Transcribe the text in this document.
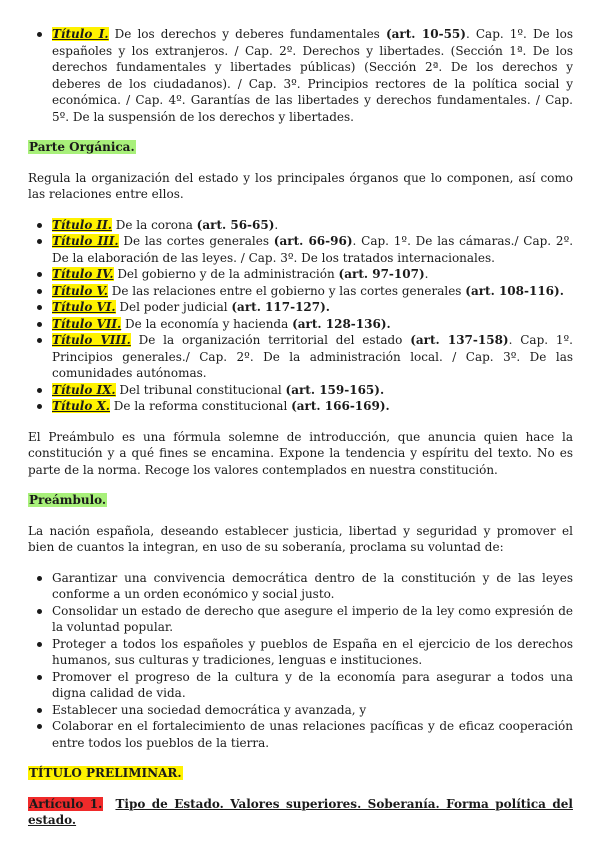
Título I. De los derechos y deberes fundamentales (art. 10-55). Cap. 1º. De los españoles y los extranjeros. / Cap. 2º. Derechos y libertades. (Sección 1ª. De los derechos fundamentales y libertades públicas) (Sección 2ª. De los derechos y deberes de los ciudadanos). / Cap. 3º. Principios rectores de la política social y económica. / Cap. 4º. Garantías de las libertades y derechos fundamentales. / Cap. 5º. De la suspensión de los derechos y libertades.

Parte Orgánica.

Regula la organización del estado y los principales órganos que lo componen, así como las relaciones entre ellos.

Título II. De la corona (art. 56-65).
Título III. De las cortes generales (art. 66-96). Cap. 1º. De las cámaras./ Cap. 2º. De la elaboración de las leyes. / Cap. 3º. De los tratados internacionales.
Título IV. Del gobierno y de la administración (art. 97-107).
Título V. De las relaciones entre el gobierno y las cortes generales (art. 108-116).
Título VI. Del poder judicial (art. 117-127).
Título VII. De la economía y hacienda (art. 128-136).
Título VIII. De la organización territorial del estado (art. 137-158). Cap. 1º. Principios generales./ Cap. 2º. De la administración local. / Cap. 3º. De las comunidades autónomas.
Título IX. Del tribunal constitucional (art. 159-165).
Título X. De la reforma constitucional (art. 166-169).

El Preámbulo es una fórmula solemne de introducción, que anuncia quien hace la constitución y a qué fines se encamina. Expone la tendencia y espíritu del texto. No es parte de la norma. Recoge los valores contemplados en nuestra constitución.

Preámbulo.

La nación española, deseando establecer justicia, libertad y seguridad y promover el bien de cuantos la integran, en uso de su soberanía, proclama su voluntad de:

Garantizar una convivencia democrática dentro de la constitución y de las leyes conforme a un orden económico y social justo.
Consolidar un estado de derecho que asegure el imperio de la ley como expresión de la voluntad popular.
Proteger a todos los españoles y pueblos de España en el ejercicio de los derechos humanos, sus culturas y tradiciones, lenguas e instituciones.
Promover el progreso de la cultura y de la economía para asegurar a todos una digna calidad de vida.
Establecer una sociedad democrática y avanzada, y
Colaborar en el fortalecimiento de unas relaciones pacíficas y de eficaz cooperación entre todos los pueblos de la tierra.

TÍTULO PRELIMINAR.

Artículo 1. Tipo de Estado. Valores superiores. Soberanía. Forma política del estado.
